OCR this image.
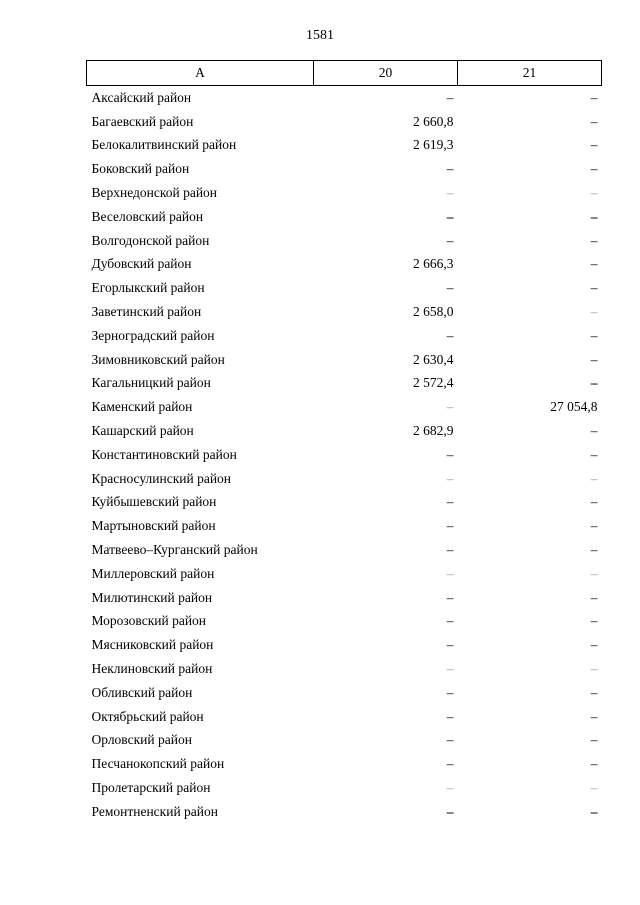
1581
А	20	21
Аксайский район	–	–
Багаевский район	2 660,8	–
Белокалитвинский район	2 619,3	–
Боковский район	–	–
Верхнедонской район	–	–
Веселовский район	–	–
Волгодонской район	–	–
Дубовский район	2 666,3	–
Егорлыкский район	–	–
Заветинский район	2 658,0	–
Зерноградский район	–	–
Зимовниковский район	2 630,4	–
Кагальницкий район	2 572,4	–
Каменский район	–	27 054,8
Кашарский район	2 682,9	–
Константиновский район	–	–
Красносулинский район	–	–
Куйбышевский район	–	–
Мартыновский район	–	–
Матвеево–Курганский район	–	–
Миллеровский район	–	–
Милютинский район	–	–
Морозовский район	–	–
Мясниковский район	–	–
Неклиновский район	–	–
Обливский район	–	–
Октябрьский район	–	–
Орловский район	–	–
Песчанокопский район	–	–
Пролетарский район	–	–
Ремонтненский район	–	–
